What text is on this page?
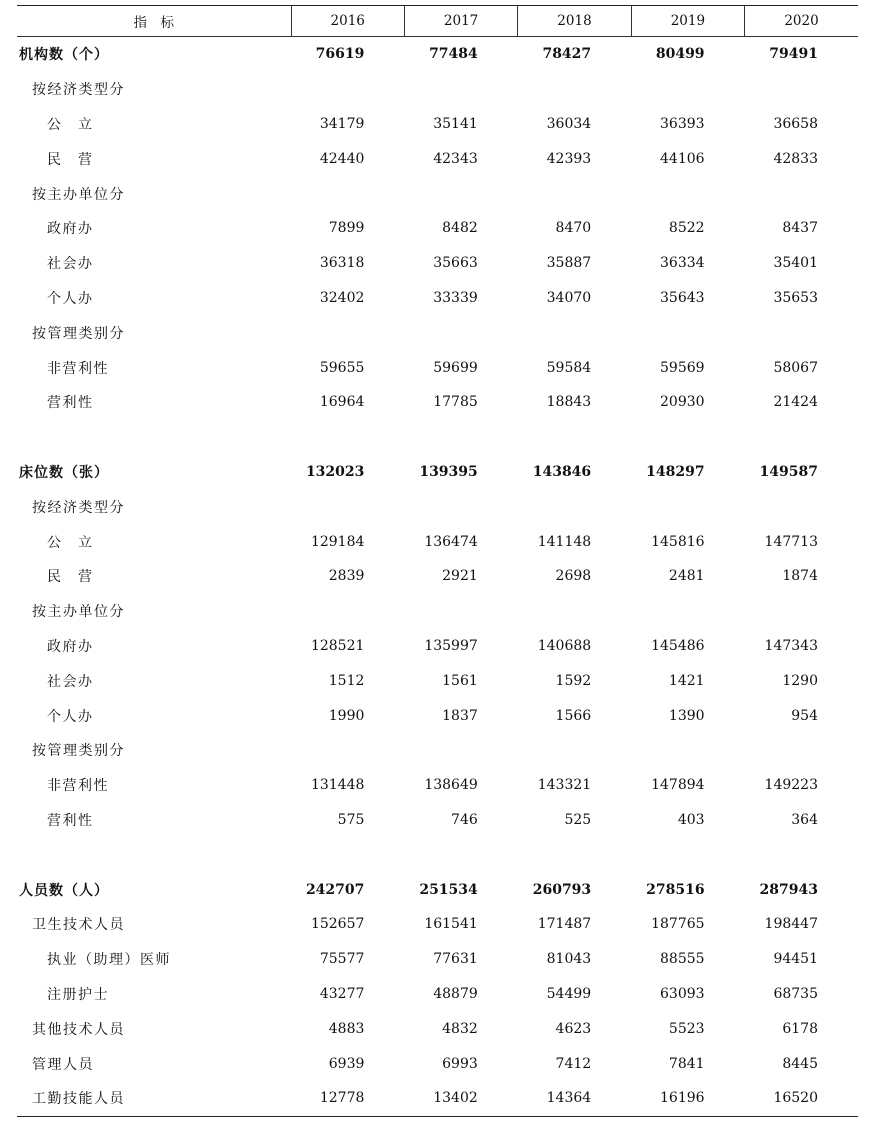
指　标	2016	2017	2018	2019	2020
机构数（个）	76619	77484	78427	80499	79491
按经济类型分					
公　立	34179	35141	36034	36393	36658
民　营	42440	42343	42393	44106	42833
按主办单位分					
政府办	7899	8482	8470	8522	8437
社会办	36318	35663	35887	36334	35401
个人办	32402	33339	34070	35643	35653
按管理类别分					
非营利性	59655	59699	59584	59569	58067
营利性	16964	17785	18843	20930	21424

床位数（张）	132023	139395	143846	148297	149587
按经济类型分					
公　立	129184	136474	141148	145816	147713
民　营	2839	2921	2698	2481	1874
按主办单位分					
政府办	128521	135997	140688	145486	147343
社会办	1512	1561	1592	1421	1290
个人办	1990	1837	1566	1390	954
按管理类别分					
非营利性	131448	138649	143321	147894	149223
营利性	575	746	525	403	364

人员数（人）	242707	251534	260793	278516	287943
卫生技术人员	152657	161541	171487	187765	198447
执业（助理）医师	75577	77631	81043	88555	94451
注册护士	43277	48879	54499	63093	68735
其他技术人员	4883	4832	4623	5523	6178
管理人员	6939	6993	7412	7841	8445
工勤技能人员	12778	13402	14364	16196	16520
